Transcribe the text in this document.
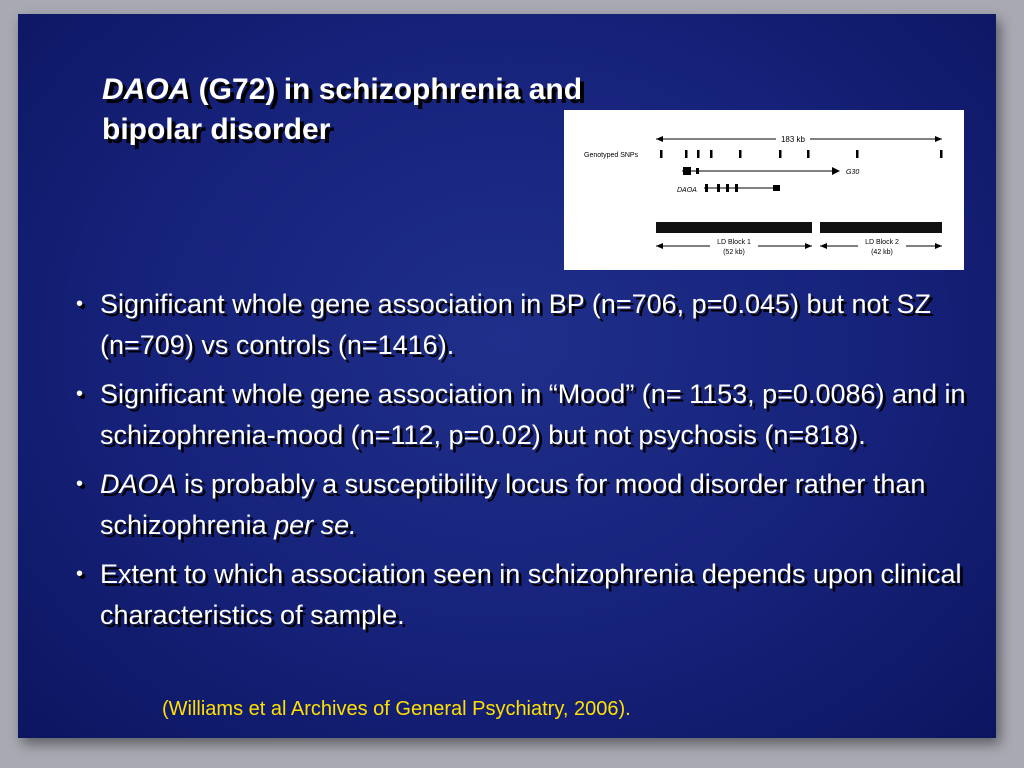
DAOA (G72) in schizophrenia and
bipolar disorder	183 kb
Genotyped SNPs
G30
DAOA
LD Block 1
(52 kb)
LD Block 2
(42 kb)
• Significant whole gene association in BP (n=706, p=0.045) but not SZ (n=709) vs controls (n=1416).
• Significant whole gene association in “Mood” (n= 1153, p=0.0086) and in schizophrenia-mood (n=112, p=0.02) but not psychosis (n=818).
• DAOA is probably a susceptibility locus for mood disorder rather than schizophrenia per se.
• Extent to which association seen in schizophrenia depends upon clinical characteristics of sample.

(Williams et al Archives of General Psychiatry, 2006).
